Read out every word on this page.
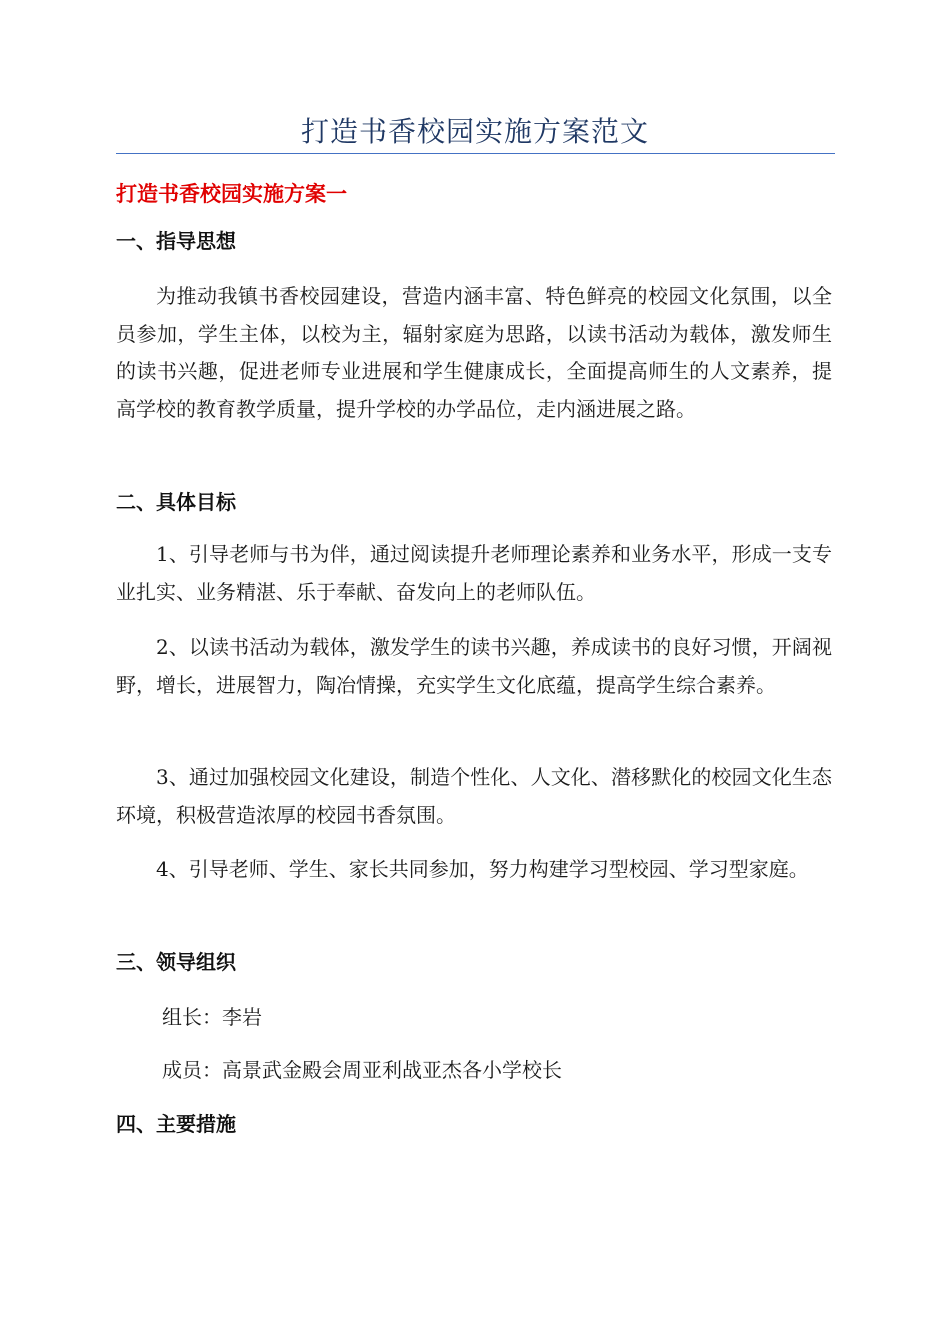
打造书香校园实施方案范文
打造书香校园实施方案一
一、指导思想

为推动我镇书香校园建设，营造内涵丰富、特色鲜亮的校园文化氛围，以全员参加，学生主体，以校为主，辐射家庭为思路，以读书活动为载体，激发师生的读书兴趣，促进老师专业进展和学生健康成长，全面提高师生的人文素养，提高学校的教育教学质量，提升学校的办学品位，走内涵进展之路。

二、具体目标

1、引导老师与书为伴，通过阅读提升老师理论素养和业务水平，形成一支专业扎实、业务精湛、乐于奉献、奋发向上的老师队伍。

2、以读书活动为载体，激发学生的读书兴趣，养成读书的良好习惯，开阔视野，增长，进展智力，陶冶情操，充实学生文化底蕴，提高学生综合素养。

3、通过加强校园文化建设，制造个性化、人文化、潜移默化的校园文化生态环境，积极营造浓厚的校园书香氛围。

4、引导老师、学生、家长共同参加，努力构建学习型校园、学习型家庭。

三、领导组织
组长：李岩
成员：高景武金殿会周亚利战亚杰各小学校长
四、主要措施
